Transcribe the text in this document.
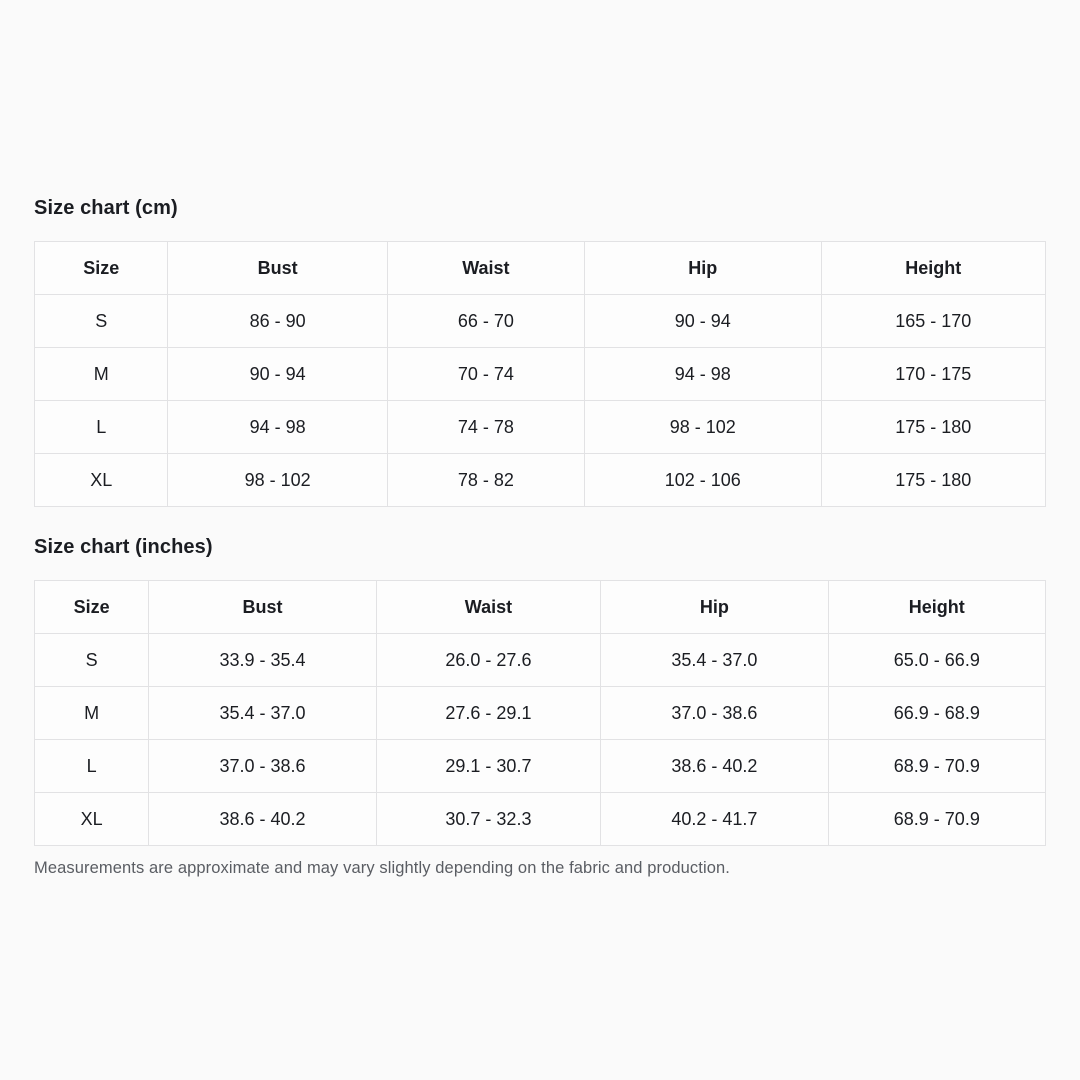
Size chart (cm)
Size	Bust	Waist	Hip	Height
S	86 - 90	66 - 70	90 - 94	165 - 170
M	90 - 94	70 - 74	94 - 98	170 - 175
L	94 - 98	74 - 78	98 - 102	175 - 180
XL	98 - 102	78 - 82	102 - 106	175 - 180
Size chart (inches)
Size	Bust	Waist	Hip	Height
S	33.9 - 35.4	26.0 - 27.6	35.4 - 37.0	65.0 - 66.9
M	35.4 - 37.0	27.6 - 29.1	37.0 - 38.6	66.9 - 68.9
L	37.0 - 38.6	29.1 - 30.7	38.6 - 40.2	68.9 - 70.9
XL	38.6 - 40.2	30.7 - 32.3	40.2 - 41.7	68.9 - 70.9

Measurements are approximate and may vary slightly depending on the fabric and production.
